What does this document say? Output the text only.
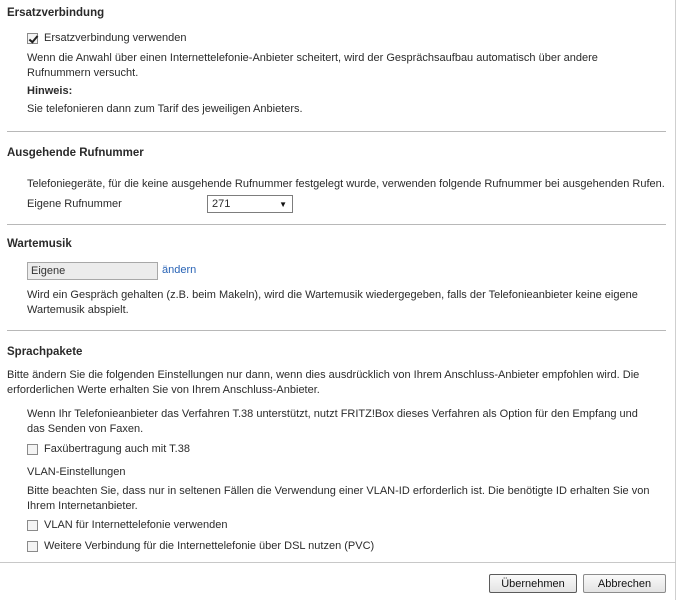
Ersatzverbindung
Ersatzverbindung verwenden
Wenn die Anwahl über einen Internettelefonie-Anbieter scheitert, wird der Gesprächsaufbau automatisch über andere
Rufnummern versucht.
Hinweis:
Sie telefonieren dann zum Tarif des jeweiligen Anbieters.
Ausgehende Rufnummer
Telefoniegeräte, für die keine ausgehende Rufnummer festgelegt wurde, verwenden folgende Rufnummer bei ausgehenden Rufen.
Eigene Rufnummer	271	▼
Wartemusik
Eigene	ändern
Wird ein Gespräch gehalten (z.B. beim Makeln), wird die Wartemusik wiedergegeben, falls der Telefonieanbieter keine eigene
Wartemusik abspielt.
Sprachpakete
Bitte ändern Sie die folgenden Einstellungen nur dann, wenn dies ausdrücklich von Ihrem Anschluss-Anbieter empfohlen wird. Die
erforderlichen Werte erhalten Sie von Ihrem Anschluss-Anbieter.
Wenn Ihr Telefonieanbieter das Verfahren T.38 unterstützt, nutzt FRITZ!Box dieses Verfahren als Option für den Empfang und
das Senden von Faxen.
Faxübertragung auch mit T.38
VLAN-Einstellungen
Bitte beachten Sie, dass nur in seltenen Fällen die Verwendung einer VLAN-ID erforderlich ist. Die benötigte ID erhalten Sie von
Ihrem Internetanbieter.
VLAN für Internettelefonie verwenden
Weitere Verbindung für die Internettelefonie über DSL nutzen (PVC)
Übernehmen	Abbrechen
